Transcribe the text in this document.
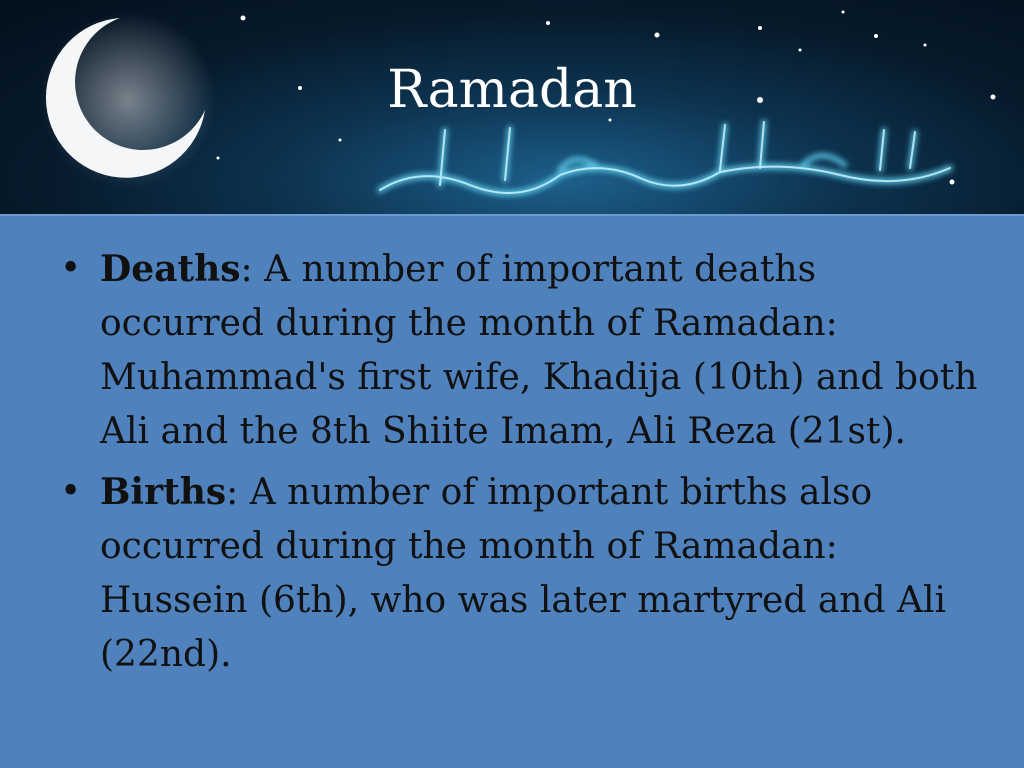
Ramadan
• Deaths: A number of important deaths occurred during the month of Ramadan: Muhammad's first wife, Khadija (10th) and both Ali and the 8th Shiite Imam, Ali Reza (21st).
• Births: A number of important births also occurred during the month of Ramadan: Hussein (6th), who was later martyred and Ali (22nd).
